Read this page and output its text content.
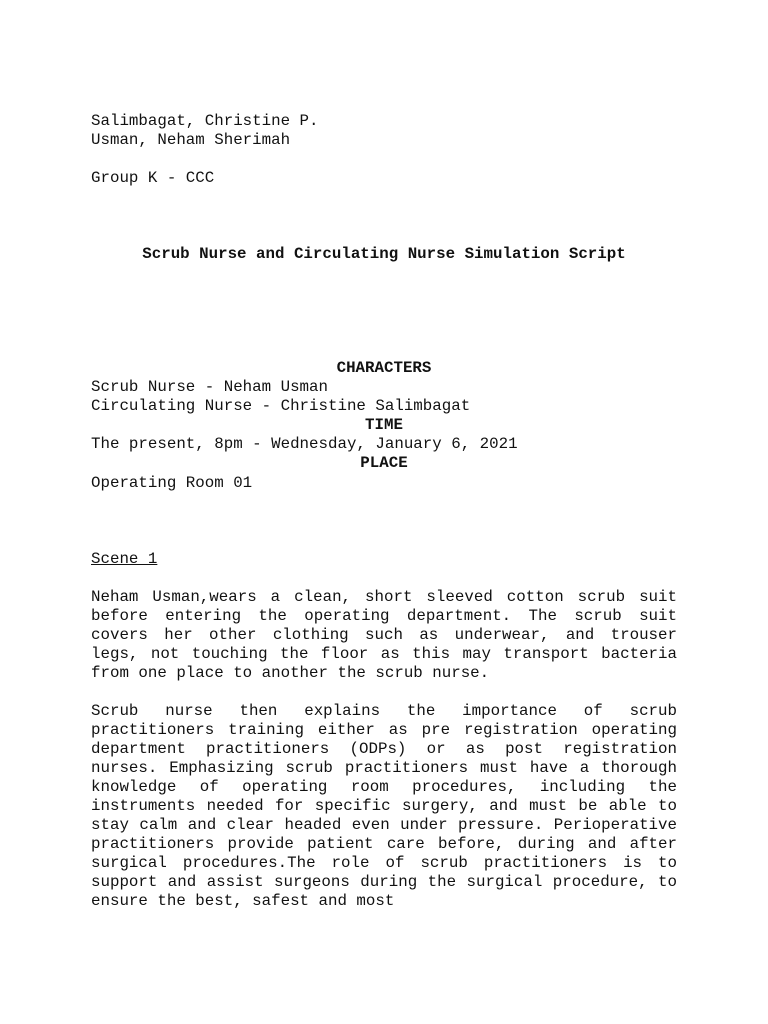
Salimbagat, Christine P.
Usman, Neham Sherimah
Group K - CCC
Scrub Nurse and Circulating Nurse Simulation Script
CHARACTERS
Scrub Nurse - Neham Usman
Circulating Nurse - Christine Salimbagat
TIME
The present, 8pm - Wednesday, January 6, 2021
PLACE
Operating Room 01
Scene 1
Neham Usman,wears a clean, short sleeved cotton scrub suit before entering the operating department. The scrub suit covers her other clothing such as underwear, and trouser legs, not touching the floor as this may transport bacteria from one place to another the scrub nurse.
Scrub nurse then explains the importance of scrub practitioners training either as pre registration operating department practitioners (ODPs) or as post registration nurses. Emphasizing scrub practitioners must have a thorough knowledge of operating room procedures, including the instruments needed for specific surgery, and must be able to stay calm and clear headed even under pressure. Perioperative practitioners provide patient care before, during and after surgical procedures.The role of scrub practitioners is to support and assist surgeons during the surgical procedure, to ensure the best, safest and most
